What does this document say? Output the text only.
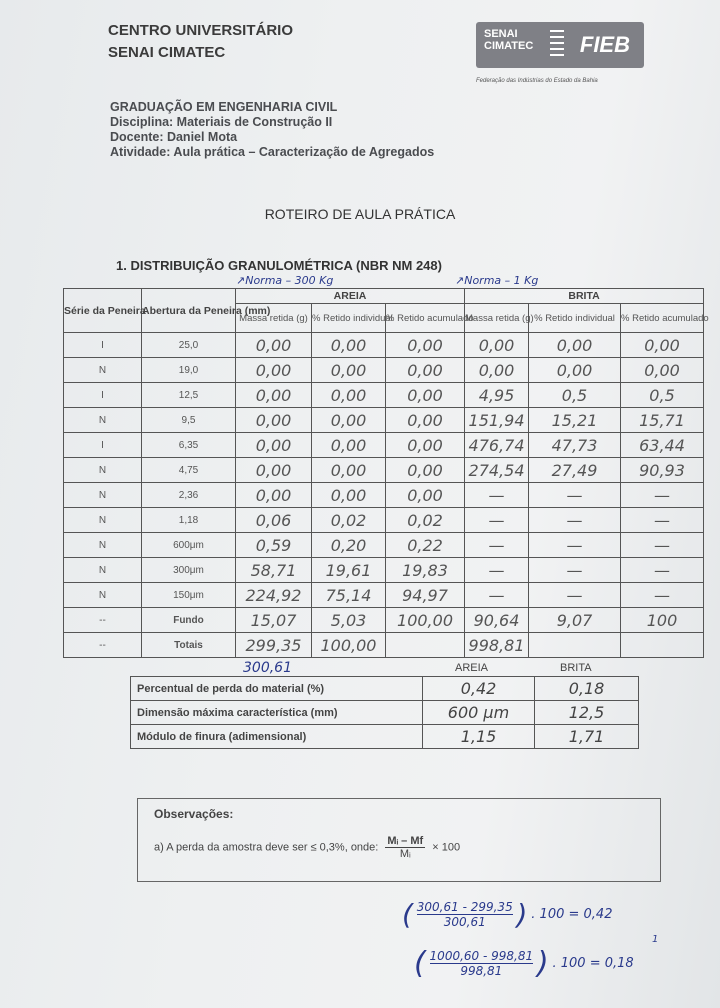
CENTRO UNIVERSITÁRIO
SENAI CIMATEC
SENAI
CIMATEC FIEB
Federação das Indústrias do Estado da Bahia
GRADUAÇÃO EM ENGENHARIA CIVIL
Disciplina: Materiais de Construção II
Docente: Daniel Mota
Atividade: Aula prática – Caracterização de Agregados
ROTEIRO DE AULA PRÁTICA
1. DISTRIBUIÇÃO GRANULOMÉTRICA (NBR NM 248)
↗Norma – 300 Kg	↗Norma – 1 Kg
Série da Peneira	Abertura da Peneira (mm)	AREIA			BRITA		
		Massa retida (g)	% Retido individual	% Retido acumulado	Massa retida (g)	% Retido individual	% Retido acumulado
I	25,0	0,00	0,00	0,00	0,00	0,00	0,00
N	19,0	0,00	0,00	0,00	0,00	0,00	0,00
I	12,5	0,00	0,00	0,00	4,95	0,5	0,5
N	9,5	0,00	0,00	0,00	151,94	15,21	15,71
I	6,35	0,00	0,00	0,00	476,74	47,73	63,44
N	4,75	0,00	0,00	0,00	274,54	27,49	90,93
N	2,36	0,00	0,00	0,00	—	—	—
N	1,18	0,06	0,02	0,02	—	—	—
N	600μm	0,59	0,20	0,22	—	—	—
N	300μm	58,71	19,61	19,83	—	—	—
N	150μm	224,92	75,14	94,97	—	—	—
--	Fundo	15,07	5,03	100,00	90,64	9,07	100
--	Totais	299,35	100,00		998,81		
300,61	AREIA	BRITA
Percentual de perda do material (%)	0,42	0,18
Dimensão máxima característica (mm)	600 μm	12,5
Módulo de finura (adimensional)	1,15	1,71
Observações:
a) A perda da amostra deve ser ≤ 0,3%, onde: $\frac{\text{Mᵢ – Mf}}{\text{Mᵢ}} \times 100$
( $\frac{300,61 - 299,35}{300,61}$ ) . 100 = 0,42
1
( $\frac{1000,60 - 998,81}{998,81}$ ) . 100 = 0,18
